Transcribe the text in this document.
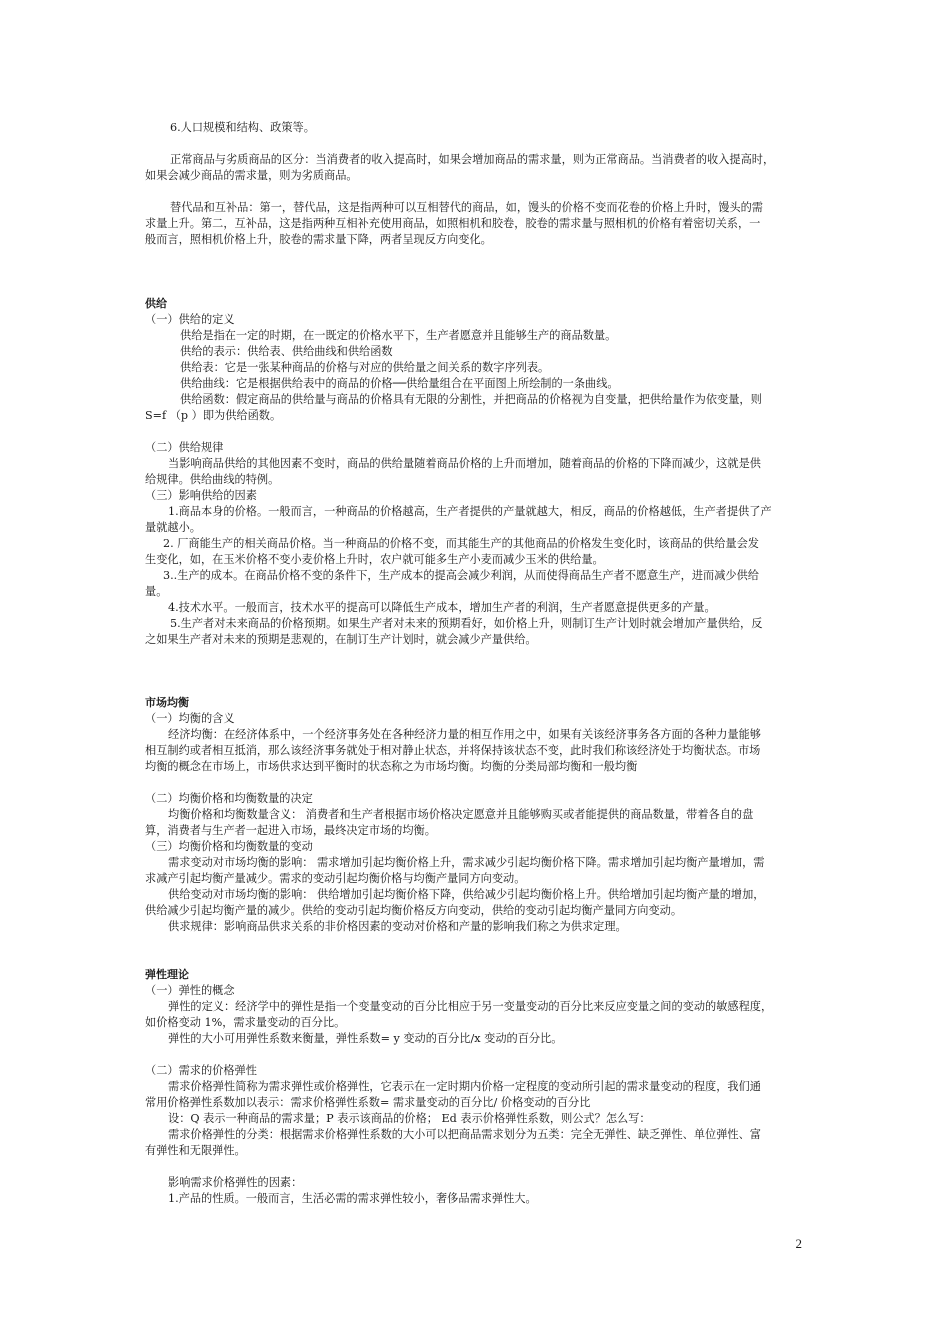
6.人口规模和结构、政策等。
正常商品与劣质商品的区分：当消费者的收入提高时，如果会增加商品的需求量，则为正常商品。当消费者的收入提高时，
如果会减少商品的需求量，则为劣质商品。
替代品和互补品：第一，替代品，这是指两种可以互相替代的商品，如，馒头的价格不变而花卷的价格上升时，馒头的需
求量上升。第二，互补品，这是指两种互相补充使用商品，如照相机和胶卷，胶卷的需求量与照相机的价格有着密切关系，一
般而言，照相机价格上升，胶卷的需求量下降，两者呈现反方向变化。
供给
（一）供给的定义
供给是指在一定的时期，在一既定的价格水平下，生产者愿意并且能够生产的商品数量。
供给的表示：供给表、供给曲线和供给函数
供给表：它是一张某种商品的价格与对应的供给量之间关系的数字序列表。
供给曲线：它是根据供给表中的商品的价格──供给量组合在平面图上所绘制的一条曲线。
供给函数：假定商品的供给量与商品的价格具有无限的分割性，并把商品的价格视为自变量，把供给量作为依变量，则
S=f （p ）即为供给函数。
（二）供给规律
当影响商品供给的其他因素不变时，商品的供给量随着商品价格的上升而增加，随着商品的价格的下降而减少，这就是供
给规律。供给曲线的特例。
（三）影响供给的因素
1.商品本身的价格。一般而言，一种商品的价格越高，生产者提供的产量就越大，相反，商品的价格越低，生产者提供了产
量就越小。
2. 厂商能生产的相关商品价格。当一种商品的价格不变，而其能生产的其他商品的价格发生变化时，该商品的供给量会发
生变化，如，在玉米价格不变小麦价格上升时，农户就可能多生产小麦而减少玉米的供给量。
3..生产的成本。在商品价格不变的条件下，生产成本的提高会减少利润，从而使得商品生产者不愿意生产，进而减少供给
量。
4.技术水平。一般而言，技术水平的提高可以降低生产成本，增加生产者的利润，生产者愿意提供更多的产量。
5.生产者对未来商品的价格预期。如果生产者对未来的预期看好，如价格上升，则制订生产计划时就会增加产量供给，反
之如果生产者对未来的预期是悲观的，在制订生产计划时，就会减少产量供给。
市场均衡
（一）均衡的含义
经济均衡：在经济体系中，一个经济事务处在各种经济力量的相互作用之中，如果有关该经济事务各方面的各种力量能够
相互制约或者相互抵消，那么该经济事务就处于相对静止状态，并将保持该状态不变，此时我们称该经济处于均衡状态。市场
均衡的概念在市场上，市场供求达到平衡时的状态称之为市场均衡。均衡的分类局部均衡和一般均衡
（二）均衡价格和均衡数量的决定
均衡价格和均衡数量含义： 消费者和生产者根据市场价格决定愿意并且能够购买或者能提供的商品数量，带着各自的盘
算，消费者与生产者一起进入市场，最终决定市场的均衡。
（三）均衡价格和均衡数量的变动
需求变动对市场均衡的影响： 需求增加引起均衡价格上升，需求减少引起均衡价格下降。需求增加引起均衡产量增加，需
求减产引起均衡产量减少。需求的变动引起均衡价格与均衡产量同方向变动。
供给变动对市场均衡的影响： 供给增加引起均衡价格下降，供给减少引起均衡价格上升。供给增加引起均衡产量的增加，
供给减少引起均衡产量的减少。供给的变动引起均衡价格反方向变动，供给的变动引起均衡产量同方向变动。
供求规律：影响商品供求关系的非价格因素的变动对价格和产量的影响我们称之为供求定理。
弹性理论
（一）弹性的概念
弹性的定义：经济学中的弹性是指一个变量变动的百分比相应于另一变量变动的百分比来反应变量之间的变动的敏感程度，
如价格变动 1%，需求量变动的百分比。
弹性的大小可用弹性系数来衡量，弹性系数= y 变动的百分比/x 变动的百分比。
（二）需求的价格弹性
需求价格弹性简称为需求弹性或价格弹性，它表示在一定时期内价格一定程度的变动所引起的需求量变动的程度，我们通
常用价格弹性系数加以表示：需求价格弹性系数= 需求量变动的百分比/ 价格变动的百分比
设：Q 表示一种商品的需求量；P 表示该商品的价格； Ed 表示价格弹性系数，则公式？怎么写：
需求价格弹性的分类：根据需求价格弹性系数的大小可以把商品需求划分为五类：完全无弹性、缺乏弹性、单位弹性、富
有弹性和无限弹性。
影响需求价格弹性的因素：
1.产品的性质。一般而言，生活必需的需求弹性较小，奢侈品需求弹性大。
2
